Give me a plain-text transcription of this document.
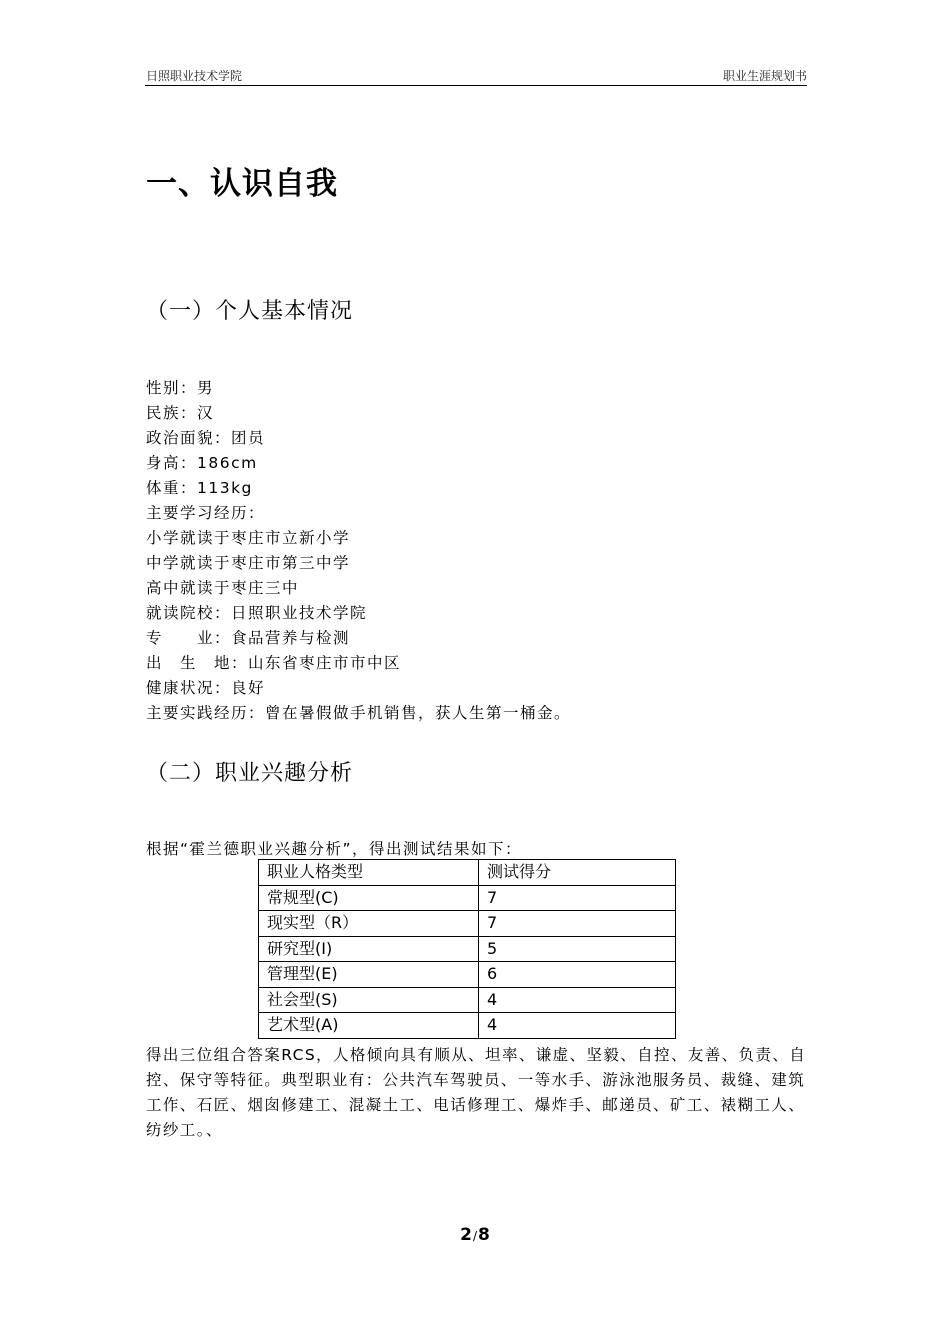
日照职业技术学院	职业生涯规划书
一、认识自我
（一）个人基本情况
性别：男
民族：汉
政治面貌：团员
身高：186cm
体重：113kg
主要学习经历：
小学就读于枣庄市立新小学
中学就读于枣庄市第三中学
高中就读于枣庄三中
就读院校：日照职业技术学院
专　　业：食品营养与检测
出　生　地：山东省枣庄市市中区
健康状况：良好
主要实践经历：曾在暑假做手机销售，获人生第一桶金。
（二）职业兴趣分析
根据“霍兰德职业兴趣分析”，得出测试结果如下：
职业人格类型	测试得分
常规型(C)	7
现实型（R）	7
研究型(I)	5
管理型(E)	6
社会型(S)	4
艺术型(A)	4
得出三位组合答案RCS，人格倾向具有顺从、坦率、谦虚、坚毅、自控、友善、负责、自控、保守等特征。典型职业有：公共汽车驾驶员、一等水手、游泳池服务员、裁缝、建筑工作、石匠、烟囱修建工、混凝土工、电话修理工、爆炸手、邮递员、矿工、裱糊工人、纺纱工。、
2/8
